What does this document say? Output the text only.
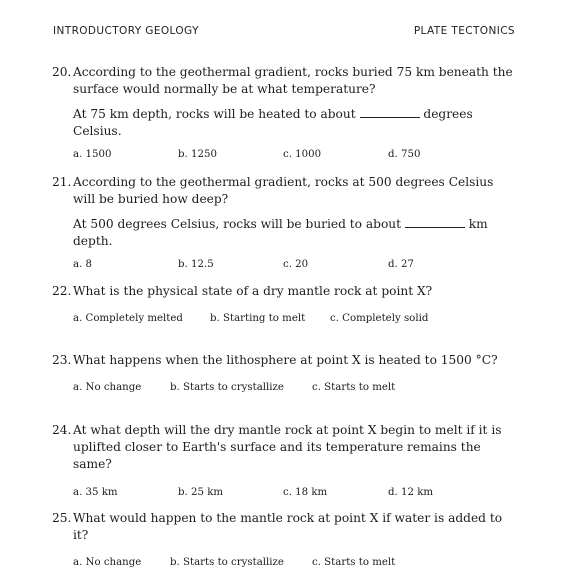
INTRODUCTORY GEOLOGY	PLATE TECTONICS
20. According to the geothermal gradient, rocks buried 75 km beneath the surface would normally be at what temperature?
At 75 km depth, rocks will be heated to about	degrees Celsius.
a. 1500	b. 1250	c. 1000	d. 750
21. According to the geothermal gradient, rocks at 500 degrees Celsius will be buried how deep?
At 500 degrees Celsius, rocks will be buried to about	km depth.
a. 8	b. 12.5	c. 20	d. 27
22. What is the physical state of a dry mantle rock at point X?
a. Completely melted	b. Starting to melt c. Completely solid
23. What happens when the lithosphere at point X is heated to 1500 °C?
a. No change	b. Starts to crystallize	c. Starts to melt
24. At what depth will the dry mantle rock at point X begin to melt if it is uplifted closer to Earth's surface and its temperature remains the same?
a. 35 km	b. 25 km	c. 18 km	d. 12 km
25. What would happen to the mantle rock at point X if water is added to it?
a. No change	b. Starts to crystallize	c. Starts to melt
